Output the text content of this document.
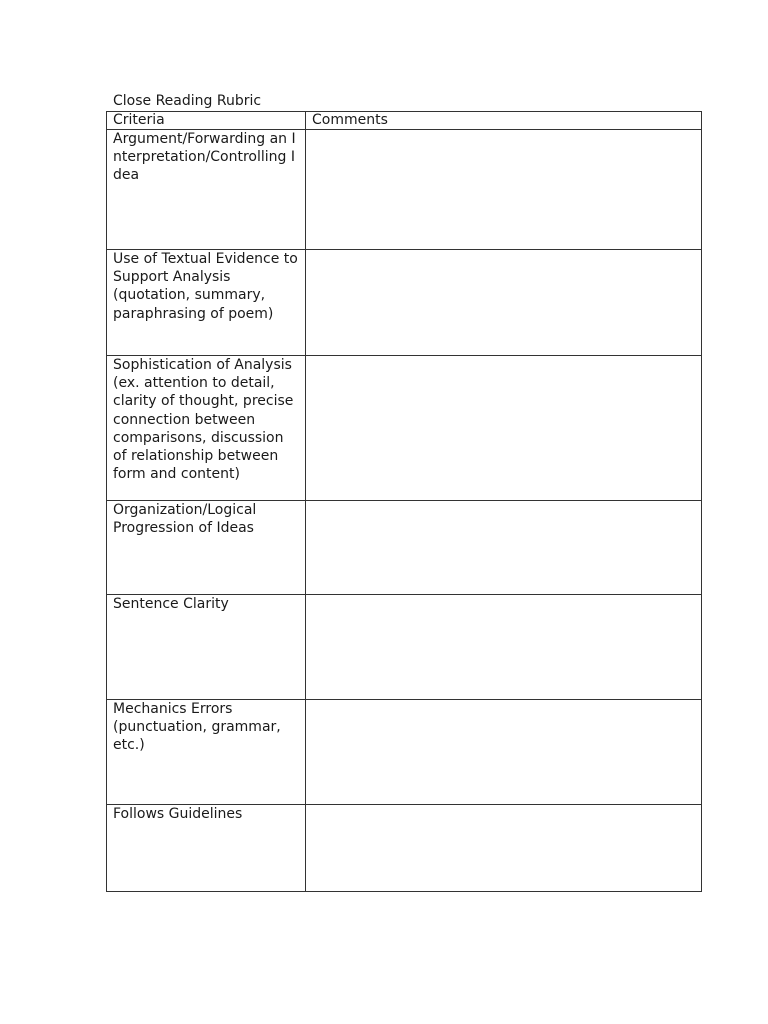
Close Reading Rubric
Criteria	Comments
Argument/Forwarding an Interpretation/Controlling Idea	
Use of Textual Evidence to Support Analysis (quotation, summary, paraphrasing of poem)	
Sophistication of Analysis (ex. attention to detail, clarity of thought, precise connection between comparisons, discussion of relationship between form and content)	
Organization/Logical Progression of Ideas	
Sentence Clarity	
Mechanics Errors (punctuation, grammar, etc.)	
Follows Guidelines	
